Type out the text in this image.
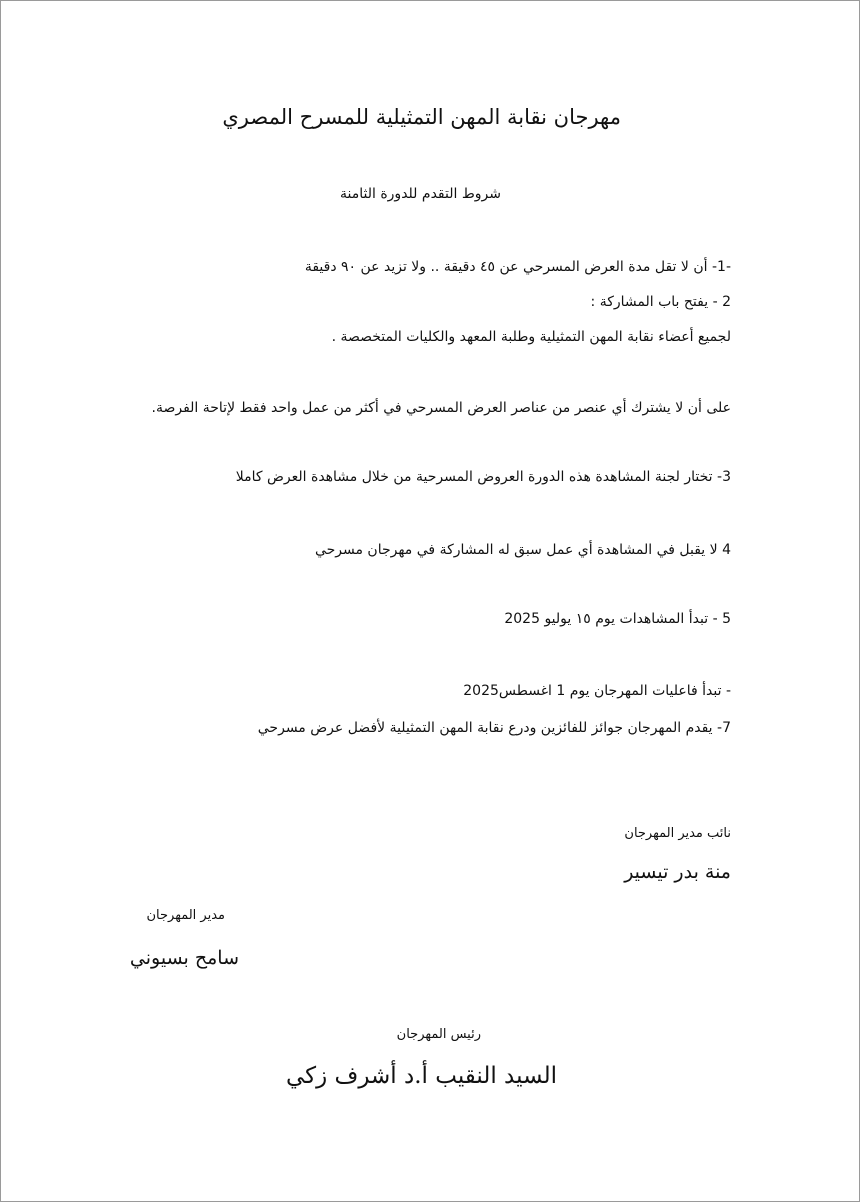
مهرجان نقابة المهن التمثيلية للمسرح المصري
شروط التقدم للدورة الثامنة
-1- أن لا تقل مدة العرض المسرحي عن ٤٥ دقيقة .. ولا تزيد عن ٩٠ دقيقة
2 - يفتح باب المشاركة :
لجميع أعضاء نقابة المهن التمثيلية وطلبة المعهد والكليات المتخصصة .
على أن لا يشترك أي عنصر من عناصر العرض المسرحي في أكثر من عمل واحد فقط لإتاحة الفرصة.
3- تختار لجنة المشاهدة هذه الدورة العروض المسرحية من خلال مشاهدة العرض كاملا
4 لا يقبل في المشاهدة أي عمل سبق له المشاركة في مهرجان مسرحي
5 - تبدأ المشاهدات يوم ١٥ يوليو 2025
- تبدأ فاعليات المهرجان يوم 1 اغسطس2025
7- يقدم المهرجان جوائز للفائزين ودرع نقابة المهن التمثيلية لأفضل عرض مسرحي
نائب مدير المهرجان
منة بدر تيسير
مدير المهرجان
سامح بسيوني
رئيس المهرجان
السيد النقيب أ.د أشرف زكي
